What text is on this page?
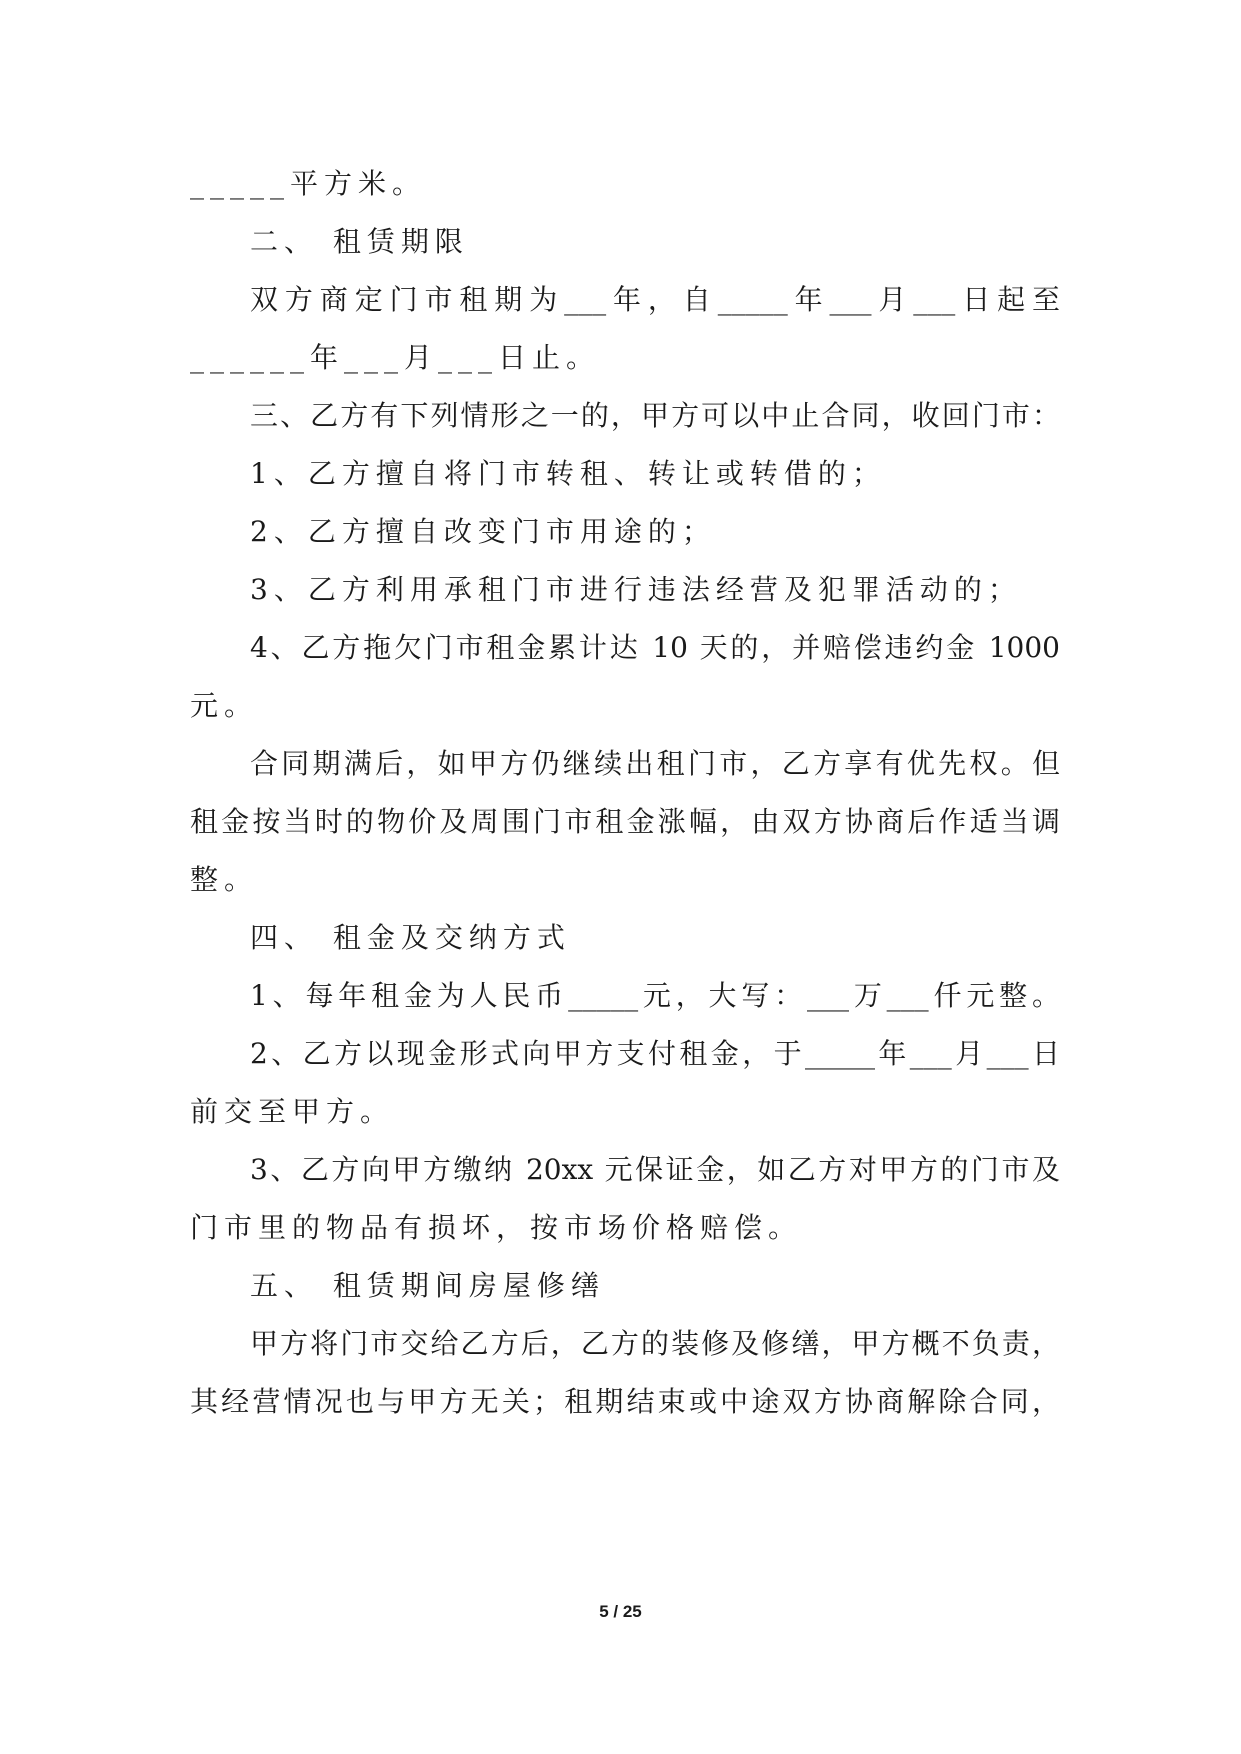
_____平方米。
二、 租赁期限
双方商定门市租期为___年，自_____年___月___日起至
______年___月___日止。
三、乙方有下列情形之一的，甲方可以中止合同，收回门市：
1、乙方擅自将门市转租、转让或转借的；
2、乙方擅自改变门市用途的；
3、乙方利用承租门市进行违法经营及犯罪活动的；
4、乙方拖欠门市租金累计达 10 天的，并赔偿违约金 1000
元。
合同期满后，如甲方仍继续出租门市，乙方享有优先权。但
租金按当时的物价及周围门市租金涨幅，由双方协商后作适当调
整。
四、 租金及交纳方式
1、每年租金为人民币_____元，大写：___万___仟元整。
2、乙方以现金形式向甲方支付租金，于_____年___月___日
前交至甲方。
3、乙方向甲方缴纳 20xx 元保证金，如乙方对甲方的门市及
门市里的物品有损坏，按市场价格赔偿。
五、 租赁期间房屋修缮
甲方将门市交给乙方后，乙方的装修及修缮，甲方概不负责，
其经营情况也与甲方无关；租期结束或中途双方协商解除合同，
5 / 25
